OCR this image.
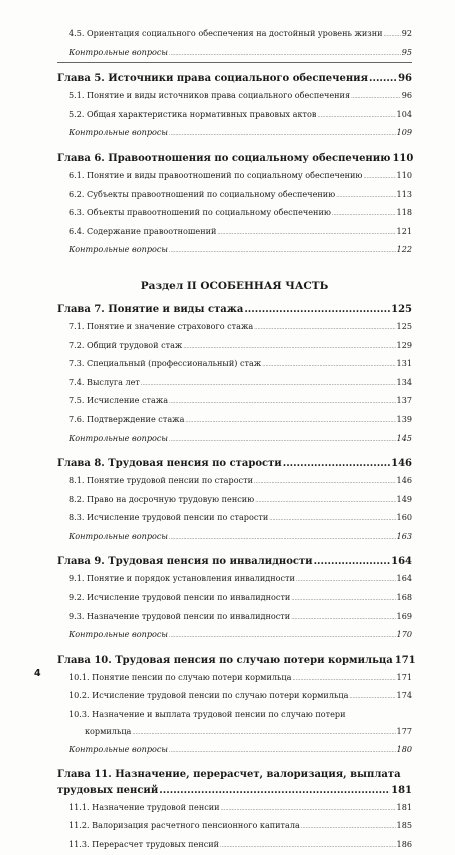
4.5. Ориентация социального обеспечения на достойный уровень жизни ..... 92
Контрольные вопросы .....	95
Глава 5. Источники права социального обеспечения .....	96
5.1. Понятие и виды источников права социального обеспечения .....	96
5.2. Общая характеристика нормативных правовых актов .....	104
Контрольные вопросы .....	109
Глава 6. Правоотношения по социальному обеспечению 110
6.1. Понятие и виды правоотношений по социальному обеспечению .....	110
6.2. Субъекты правоотношений по социальному обеспечению .....	113
6.3. Объекты правоотношений по социальному обеспечению .....	118
6.4. Содержание правоотношений .....	121
Контрольные вопросы .....	122
Раздел II ОСОБЕННАЯ ЧАСТЬ
Глава 7. Понятие и виды стажа .....	125
7.1. Понятие и значение страхового стажа .....	125
7.2. Общий трудовой стаж .....	129
7.3. Специальный (профессиональный) стаж .....	131
7.4. Выслуга лет .....	134
7.5. Исчисление стажа .....	137
7.6. Подтверждение стажа .....	139
Контрольные вопросы .....	145
Глава 8. Трудовая пенсия по старости .....	146
8.1. Понятие трудовой пенсии по старости .....	146
8.2. Право на досрочную трудовую пенсию .....	149
8.3. Исчисление трудовой пенсии по старости .....	160
Контрольные вопросы .....	163
Глава 9. Трудовая пенсия по инвалидности .....	164
9.1. Понятие и порядок установления инвалидности .....	164
9.2. Исчисление трудовой пенсии по инвалидности .....	168
9.3. Назначение трудовой пенсии по инвалидности .....	169
Контрольные вопросы .....	170
Глава 10. Трудовая пенсия по случаю потери кормильца 171
10.1. Понятие пенсии по случаю потери кормильца .....	171
10.2. Исчисление трудовой пенсии по случаю потери кормильца .....	174
10.3. Назначение и выплата трудовой пенсии по случаю потери
кормильца .....	177
Контрольные вопросы .....	180
Глава 11. Назначение, перерасчет, валоризация, выплата
трудовых пенсий .....	181
11.1. Назначение трудовой пенсии .....	181
11.2. Валоризация расчетного пенсионного капитала .....	185
11.3. Перерасчет трудовых пенсий .....	186
4
